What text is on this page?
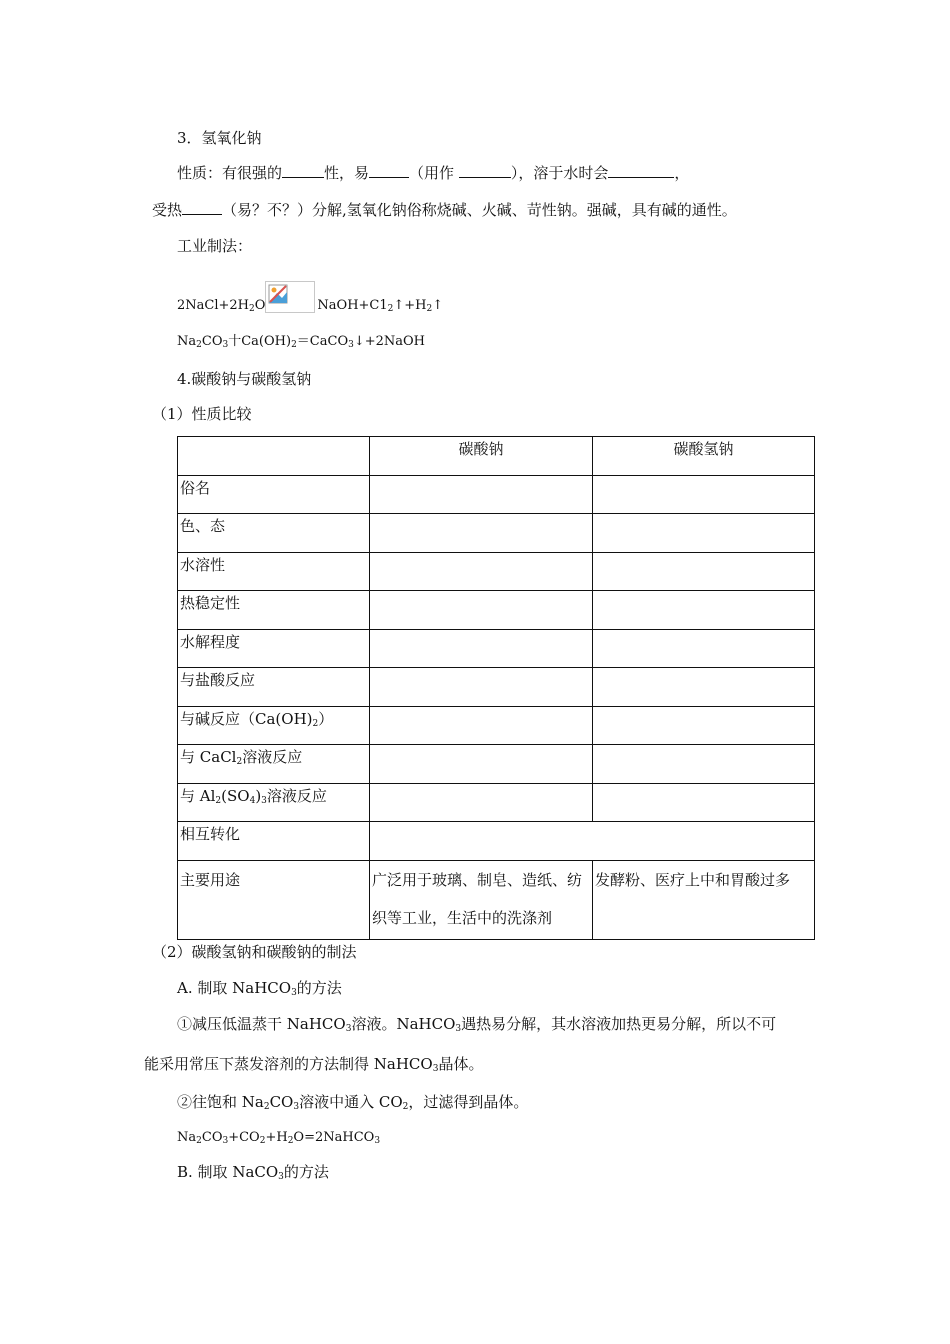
3．氢氧化钠
性质：有很强的	性，易	（用作	），溶于水时会	，
受热	（易？不？）分解,氢氧化钠俗称烧碱、火碱、苛性钠。强碱，具有碱的通性。
工业制法：
$2NaCl+2H_2O$	$NaOH+C1_2↑+H_2↑$
$Na_2CO_3$十$Ca(OH)_2=CaCO_3↓+2NaOH$
4.碳酸钠与碳酸氢钠
（1）性质比较
	碳酸钠	碳酸氢钠
俗名		
色、态		
水溶性		
热稳定性		
水解程度		
与盐酸反应		
与碱反应$(Ca(OH)_2)$		
与 CaCl$_2$溶液反应		
与 $Al_2(SO_4)_3$溶液反应		
相互转化		
主要用途	广泛用于玻璃、制皂、造纸、纺织等工业，生活中的洗涤剂	发酵粉、医疗上中和胃酸过多
（2）碳酸氢钠和碳酸钠的制法
A. 制取 NaHCO$_3$的方法
①减压低温蒸干 NaHCO$_3$溶液。NaHCO$_3$遇热易分解，其水溶液加热更易分解，所以不可
能采用常压下蒸发溶剂的方法制得 NaHCO$_3$晶体。
②往饱和 $Na_2CO_3$溶液中通入 $CO_2$，过滤得到晶体。
$Na_2CO_3+CO_2+H_2O=2NaHCO_3$
B. 制取 NaCO$_3$的方法
